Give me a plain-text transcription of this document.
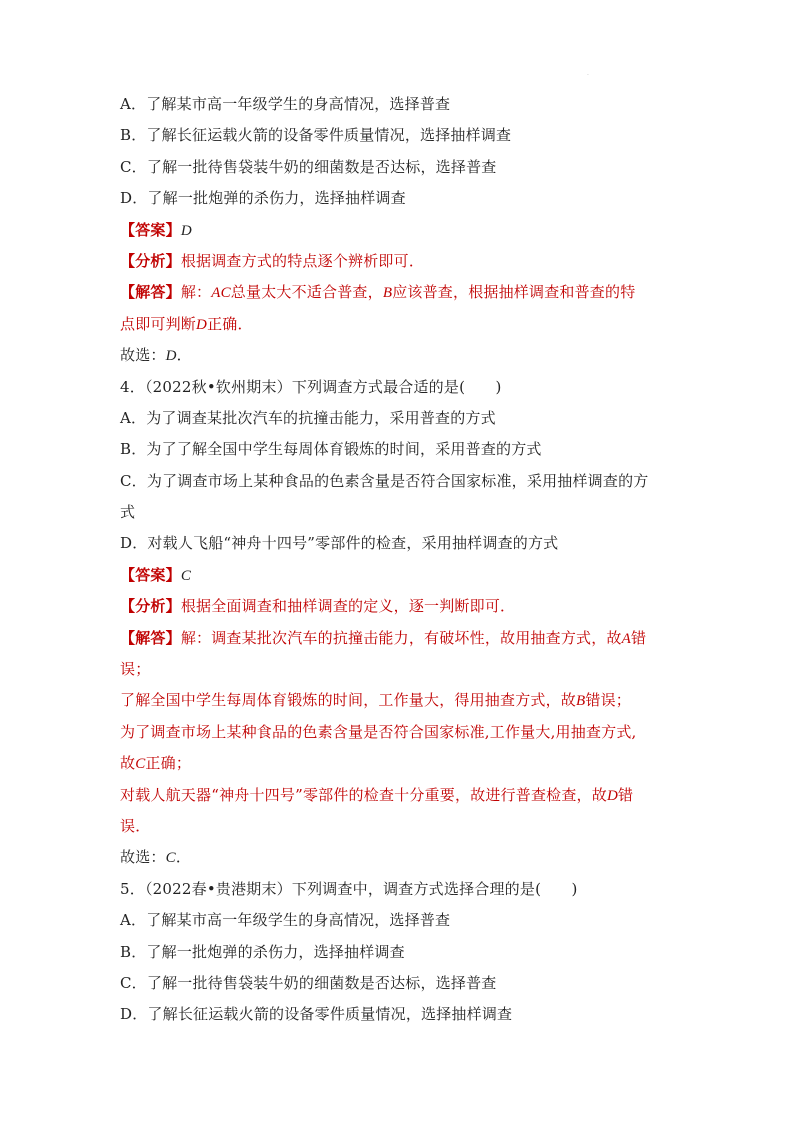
·
A．了解某市高一年级学生的身高情况，选择普查
B．了解长征运载火箭的设备零件质量情况，选择抽样调查
C．了解一批待售袋装牛奶的细菌数是否达标，选择普查
D．了解一批炮弹的杀伤力，选择抽样调查
【答案】D
【分析】根据调查方式的特点逐个辨析即可．
【解答】解：AC总量太大不适合普查，B应该普查，根据抽样调查和普查的特
点即可判断D正确．
故选：D．
4．（2022秋•钦州期末）下列调查方式最合适的是(　　)
A．为了调查某批次汽车的抗撞击能力，采用普查的方式
B．为了了解全国中学生每周体育锻炼的时间，采用普查的方式
C．为了调查市场上某种食品的色素含量是否符合国家标准，采用抽样调查的方
式
D．对载人飞船“神舟十四号”零部件的检查，采用抽样调查的方式
【答案】C
【分析】根据全面调查和抽样调查的定义，逐一判断即可．
【解答】解：调查某批次汽车的抗撞击能力，有破坏性，故用抽查方式，故A错
误；
了解全国中学生每周体育锻炼的时间，工作量大，得用抽查方式，故B错误；
为了调查市场上某种食品的色素含量是否符合国家标准,工作量大,用抽查方式,
故C正确；
对载人航天器“神舟十四号”零部件的检查十分重要，故进行普查检查，故D错
误．
故选：C．
5．（2022春•贵港期末）下列调查中，调查方式选择合理的是(　　)
A．了解某市高一年级学生的身高情况，选择普查
B．了解一批炮弹的杀伤力，选择抽样调查
C．了解一批待售袋装牛奶的细菌数是否达标，选择普查
D．了解长征运载火箭的设备零件质量情况，选择抽样调查
